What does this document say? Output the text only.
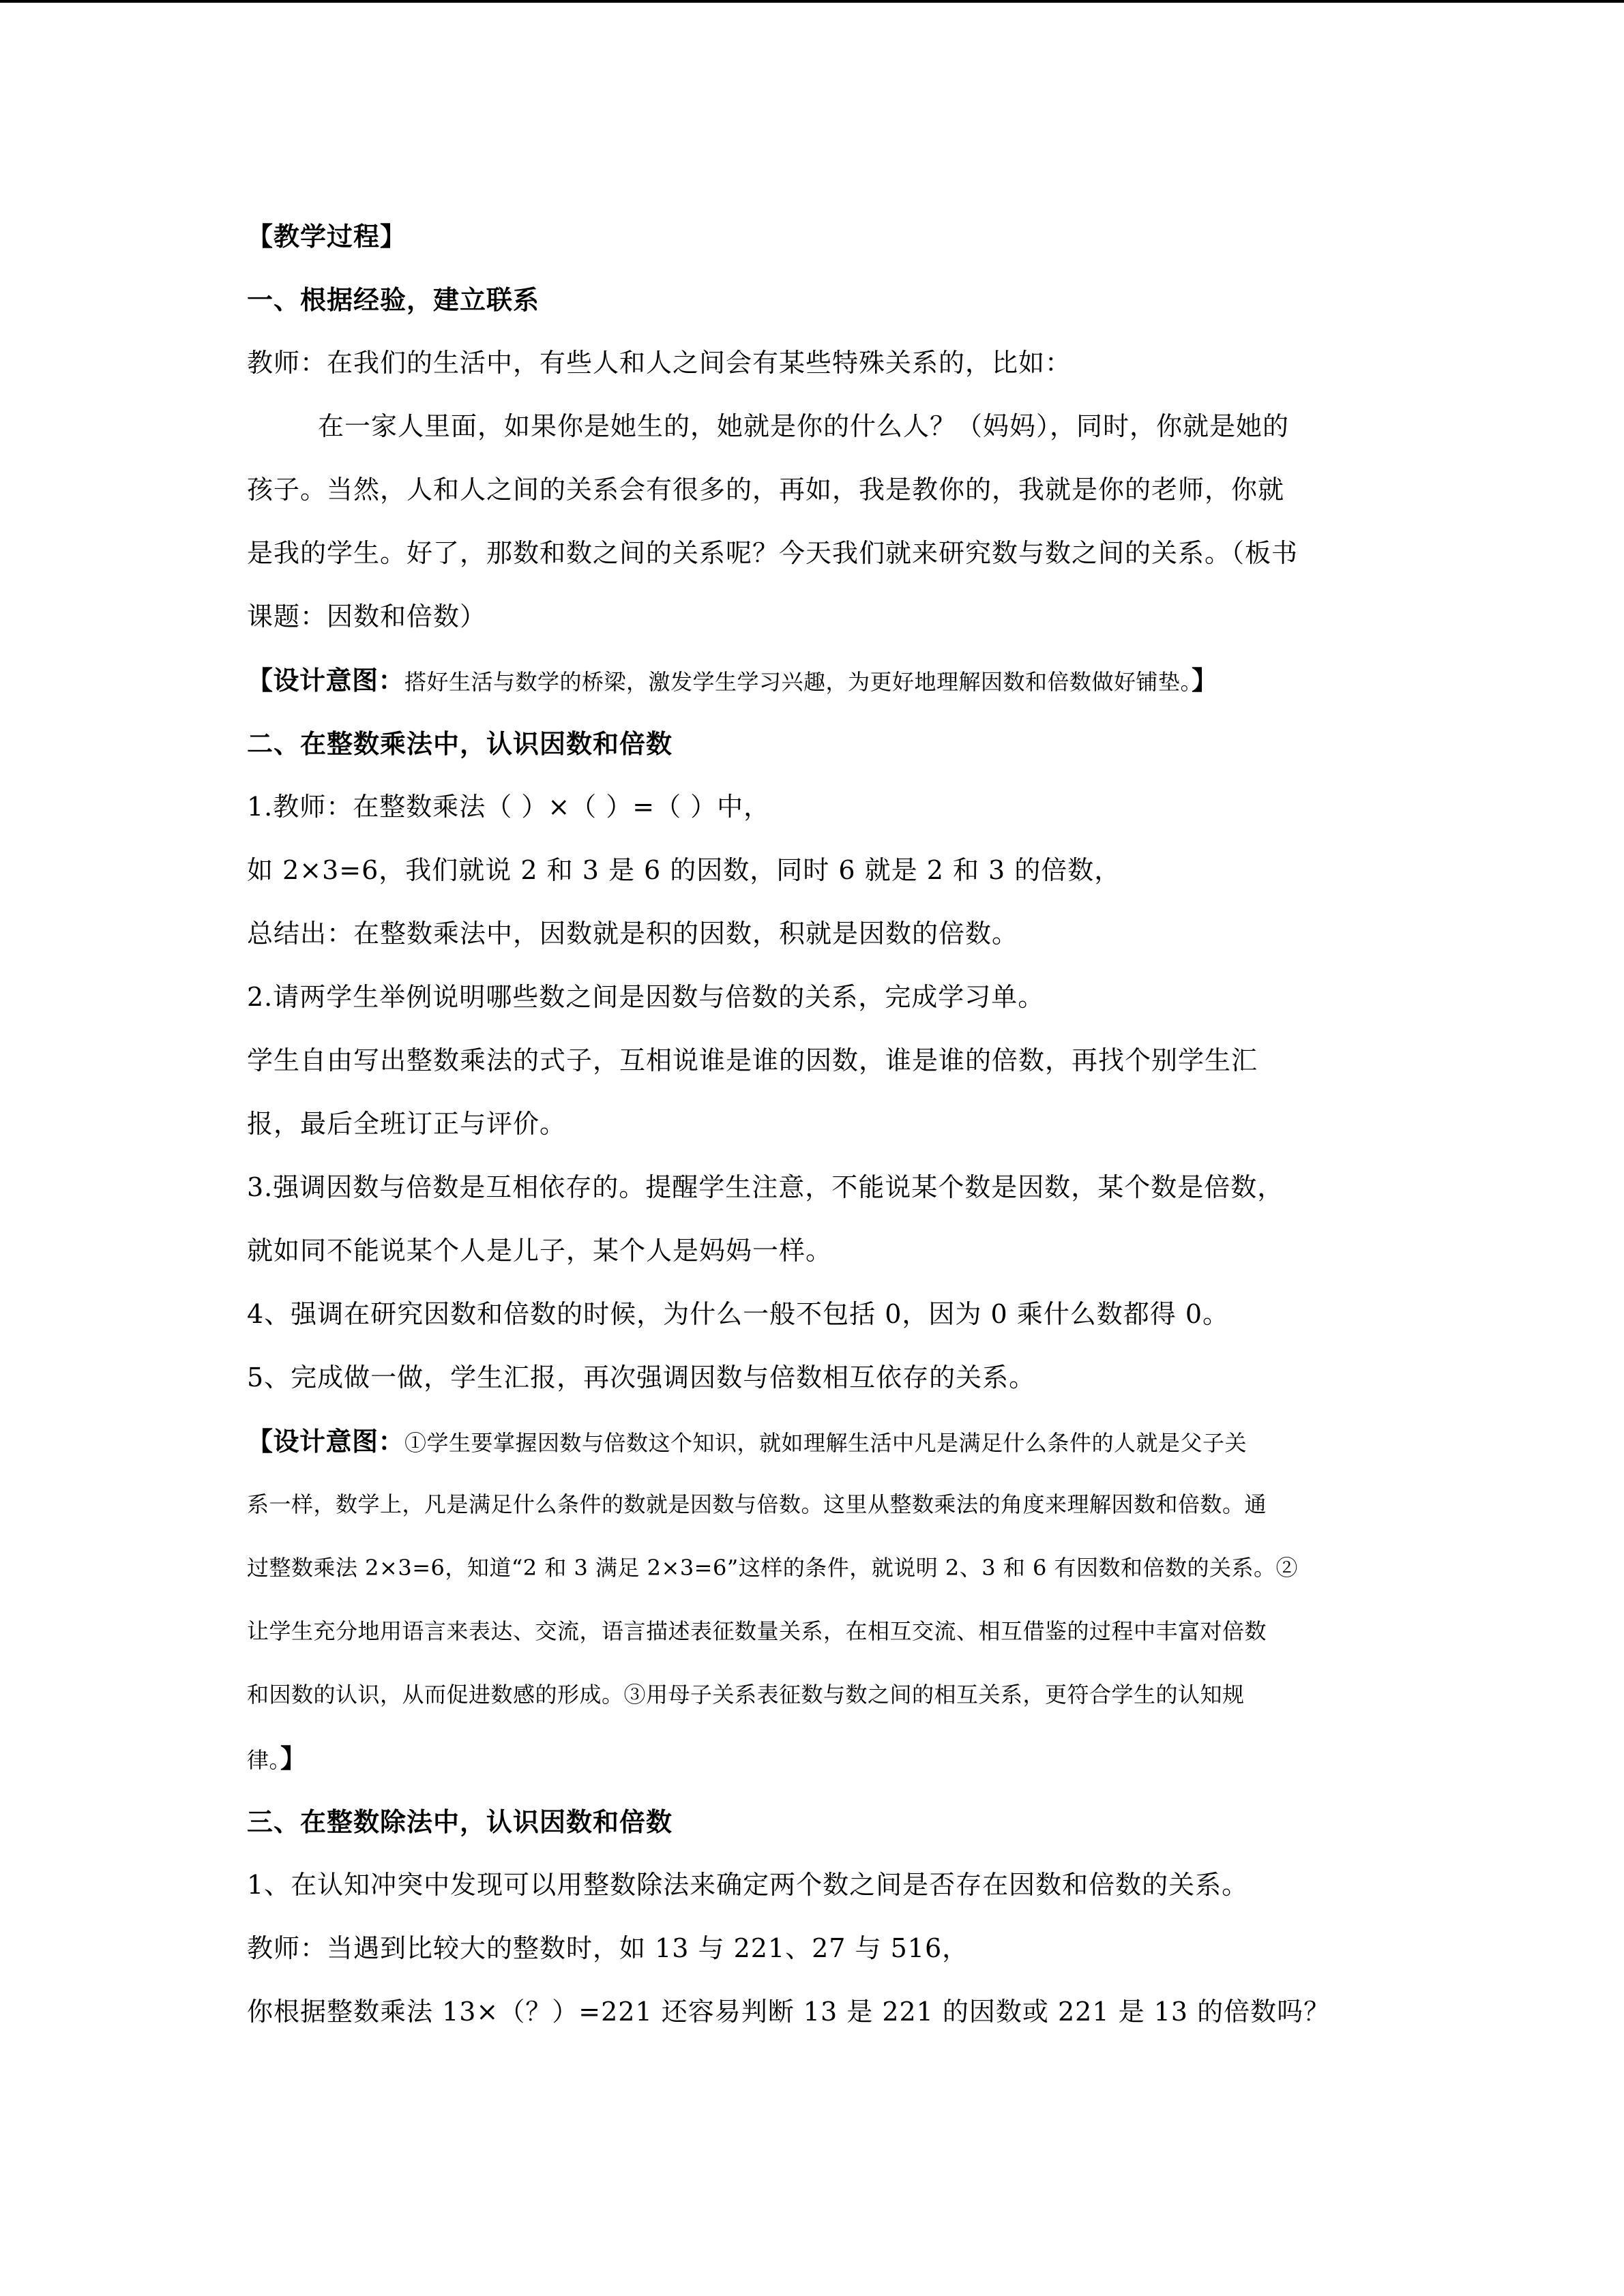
【教学过程】

一、根据经验，建立联系

教师：在我们的生活中，有些人和人之间会有某些特殊关系的，比如：

在一家人里面，如果你是她生的，她就是你的什么人？（妈妈），同时，你就是她的

孩子。当然，人和人之间的关系会有很多的，再如，我是教你的，我就是你的老师，你就

是我的学生。好了，那数和数之间的关系呢？今天我们就来研究数与数之间的关系。（板书

课题：因数和倍数）

【设计意图：搭好生活与数学的桥梁，激发学生学习兴趣，为更好地理解因数和倍数做好铺垫。】

二、在整数乘法中，认识因数和倍数

1.教师：在整数乘法（ ）×（ ）=（ ）中，

如 2×3=6，我们就说 2 和 3 是 6 的因数，同时 6 就是 2 和 3 的倍数，

总结出：在整数乘法中，因数就是积的因数，积就是因数的倍数。

2.请两学生举例说明哪些数之间是因数与倍数的关系，完成学习单。

学生自由写出整数乘法的式子，互相说谁是谁的因数，谁是谁的倍数，再找个别学生汇

报，最后全班订正与评价。

3.强调因数与倍数是互相依存的。提醒学生注意，不能说某个数是因数，某个数是倍数，

就如同不能说某个人是儿子，某个人是妈妈一样。

4、强调在研究因数和倍数的时候，为什么一般不包括 0，因为 0 乘什么数都得 0。

5、完成做一做，学生汇报，再次强调因数与倍数相互依存的关系。

【设计意图：①学生要掌握因数与倍数这个知识，就如理解生活中凡是满足什么条件的人就是父子关

系一样，数学上，凡是满足什么条件的数就是因数与倍数。这里从整数乘法的角度来理解因数和倍数。通

过整数乘法 2×3=6，知道“2 和 3 满足 2×3=6”这样的条件，就说明 2、3 和 6 有因数和倍数的关系。②

让学生充分地用语言来表达、交流，语言描述表征数量关系，在相互交流、相互借鉴的过程中丰富对倍数

和因数的认识，从而促进数感的形成。③用母子关系表征数与数之间的相互关系，更符合学生的认知规

律。】

三、在整数除法中，认识因数和倍数

1、在认知冲突中发现可以用整数除法来确定两个数之间是否存在因数和倍数的关系。

教师：当遇到比较大的整数时，如 13 与 221、27 与 516，

你根据整数乘法 13×（？）=221 还容易判断 13 是 221 的因数或 221 是 13 的倍数吗？
